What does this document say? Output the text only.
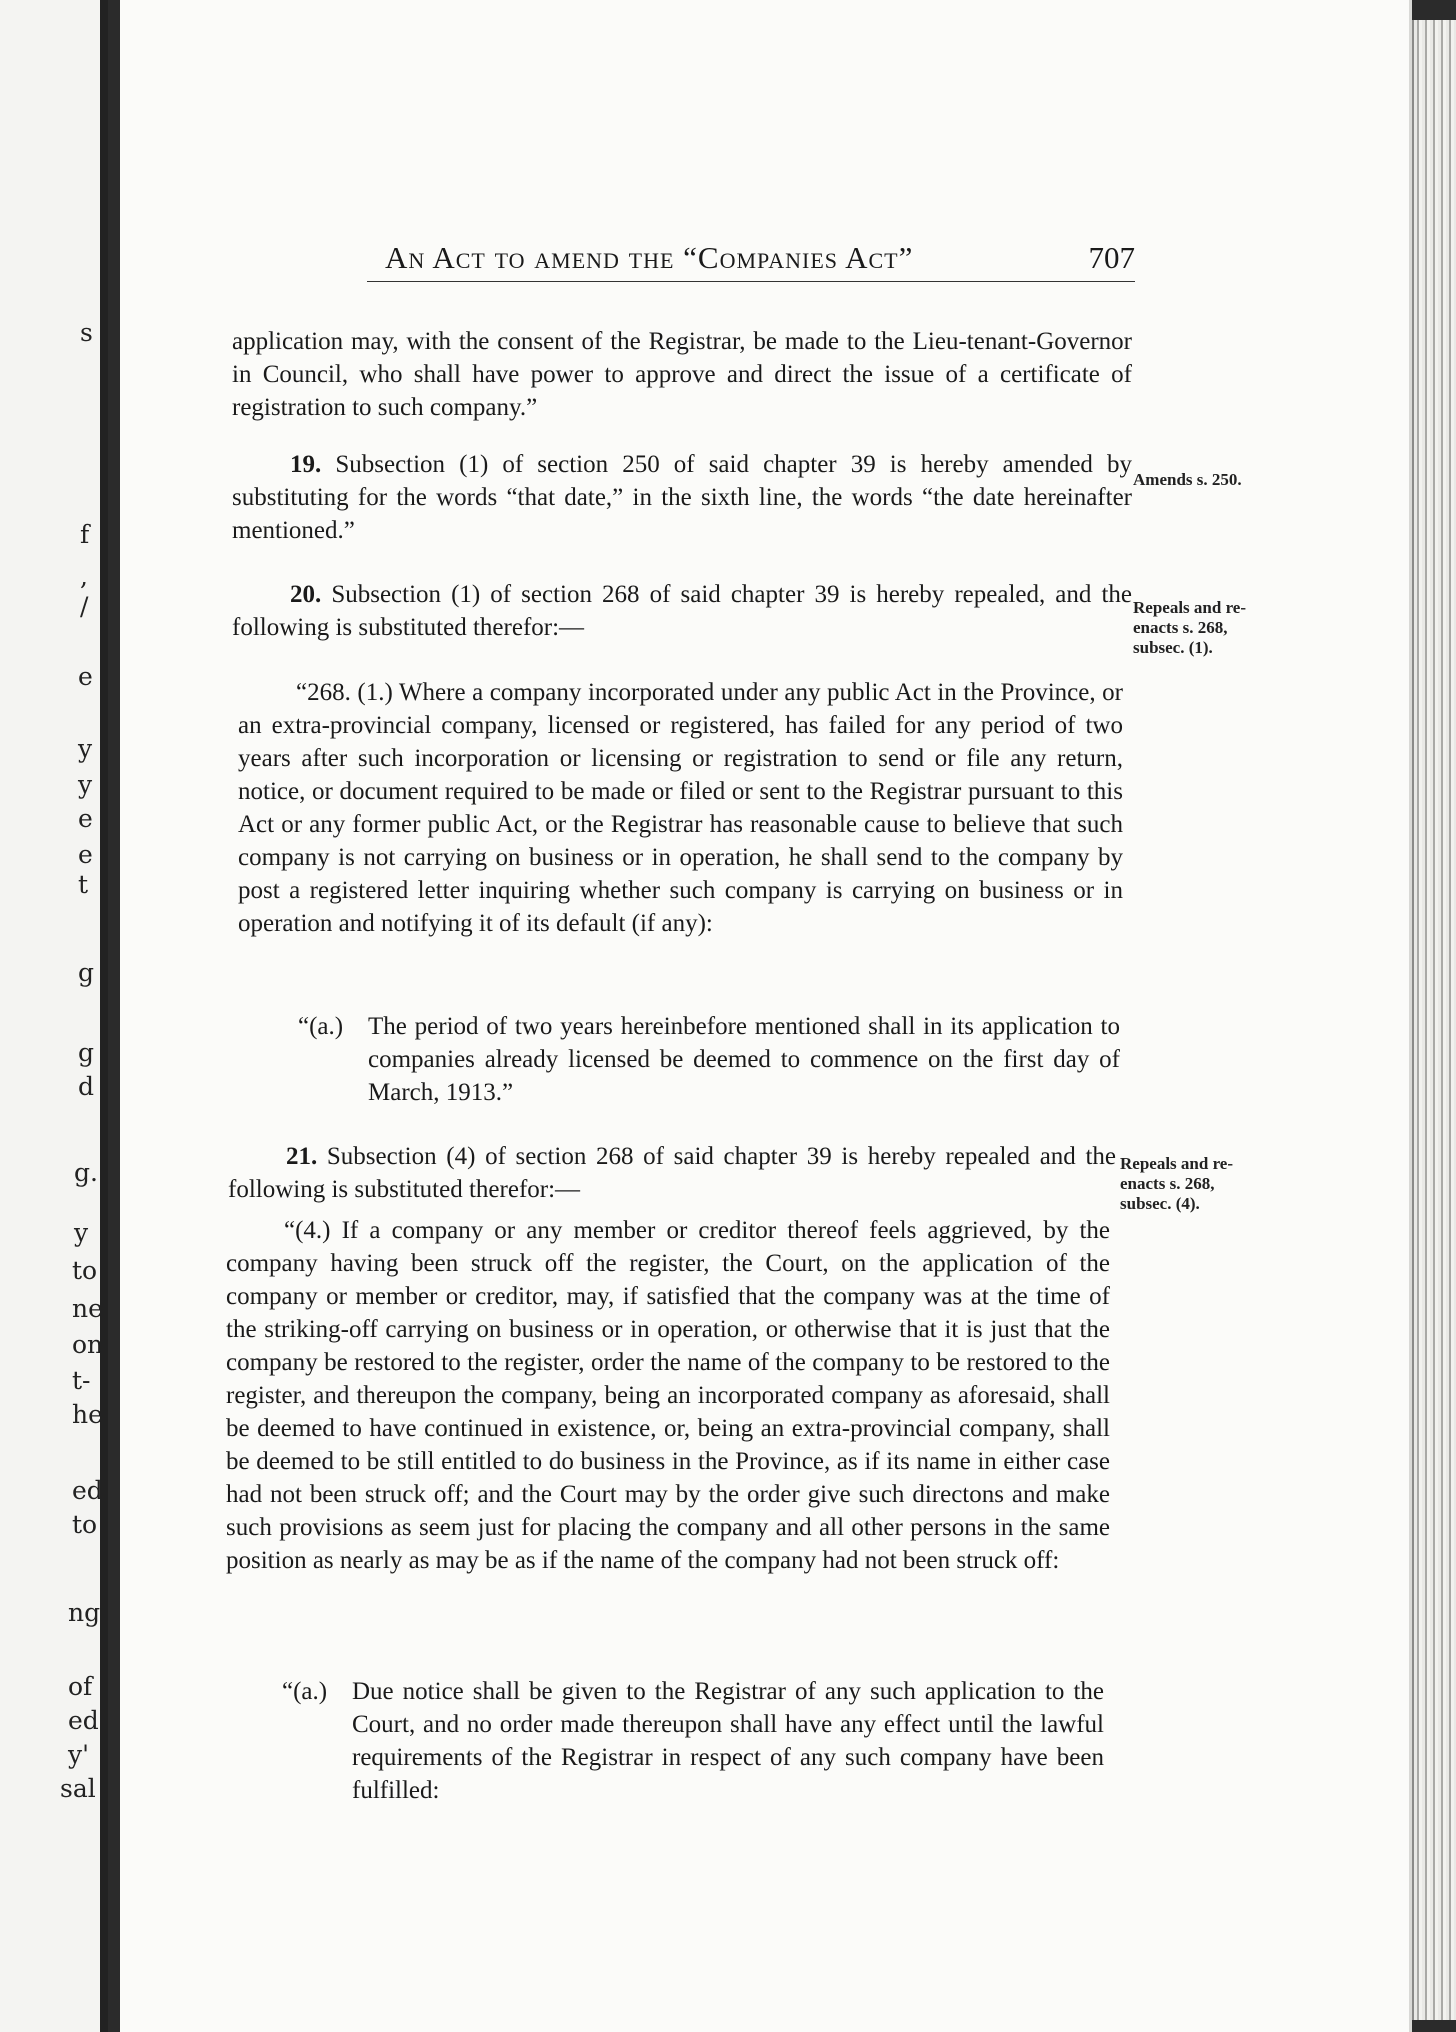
s
f
,
/
e
y
y
e
e
t
g
g
d
g.
y
to
ne
on
t-
he
ed
to
ng
of
ed
y'
sal
An Act to amend the “Companies Act”	707

application may, with the consent of the Registrar, be made to the Lieu-tenant-Governor in Council, who shall have power to approve and direct the issue of a certificate of registration to such company.”

19. Subsection (1) of section 250 of said chapter 39 is hereby amended by substituting for the words “that date,” in the sixth line, the words “the date hereinafter mentioned.”

Amends s. 250.

20. Subsection (1) of section 268 of said chapter 39 is hereby repealed, and the following is substituted therefor:—

Repeals and re-enacts s. 268, subsec. (1).

“268. (1.) Where a company incorporated under any public Act in the Province, or an extra-provincial company, licensed or registered, has failed for any period of two years after such incorporation or licensing or registration to send or file any return, notice, or document required to be made or filed or sent to the Registrar pursuant to this Act or any former public Act, or the Registrar has reasonable cause to believe that such company is not carrying on business or in operation, he shall send to the company by post a registered letter inquiring whether such company is carrying on business or in operation and notifying it of its default (if any):

“(a.) The period of two years hereinbefore mentioned shall in its application to companies already licensed be deemed to commence on the first day of March, 1913.”

21. Subsection (4) of section 268 of said chapter 39 is hereby repealed and the following is substituted therefor:—

Repeals and re-enacts s. 268, subsec. (4).

“(4.) If a company or any member or creditor thereof feels aggrieved, by the company having been struck off the register, the Court, on the application of the company or member or creditor, may, if satisfied that the company was at the time of the striking-off carrying on business or in operation, or otherwise that it is just that the company be restored to the register, order the name of the company to be restored to the register, and thereupon the company, being an incorporated company as aforesaid, shall be deemed to have continued in existence, or, being an extra-provincial company, shall be deemed to be still entitled to do business in the Province, as if its name in either case had not been struck off; and the Court may by the order give such directons and make such provisions as seem just for placing the company and all other persons in the same position as nearly as may be as if the name of the company had not been struck off:

“(a.) Due notice shall be given to the Registrar of any such application to the Court, and no order made thereupon shall have any effect until the lawful requirements of the Registrar in respect of any such company have been fulfilled:
